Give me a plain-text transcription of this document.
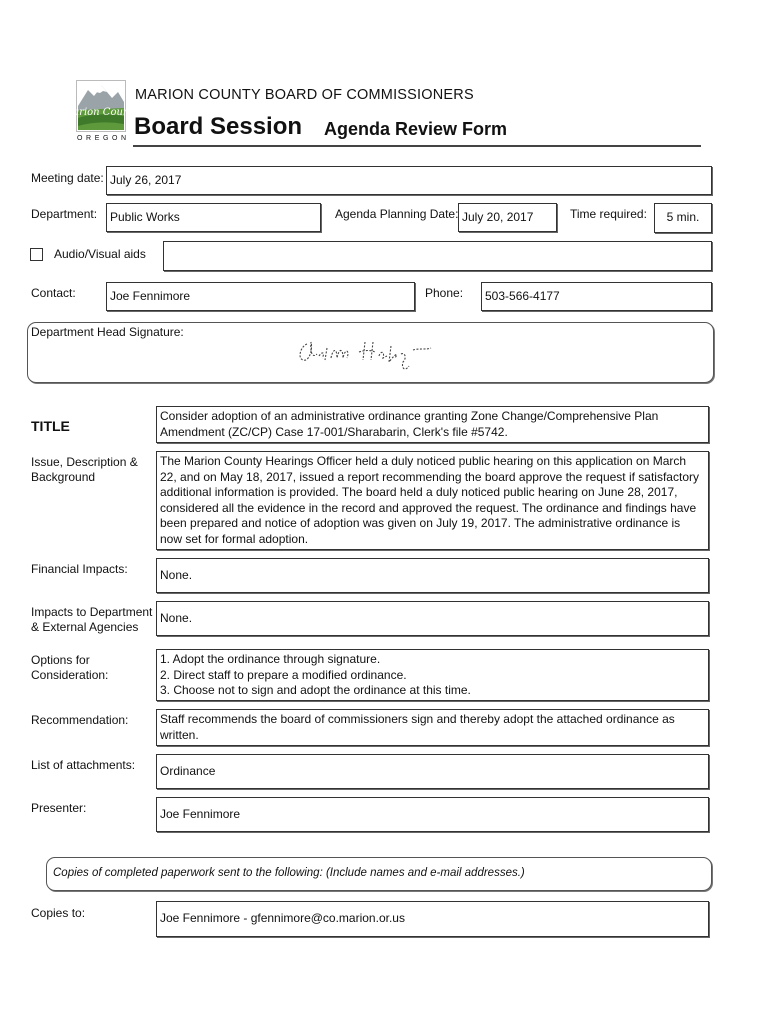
Marion County
OREGON
MARION COUNTY BOARD OF COMMISSIONERS
Board Session Agenda Review Form
Meeting date: July 26, 2017
Department:	Public Works	Agenda Planning Date: July 20, 2017	Time required:	5 min.
Audio/Visual aids
Contact:	Joe Fennimore	Phone:	503-566-4177
Department Head Signature:
TITLE
Consider adoption of an administrative ordinance granting Zone Change/Comprehensive Plan Amendment (ZC/CP) Case 17-001/Sharabarin, Clerk's file #5742.
Issue, Description & Background
The Marion County Hearings Officer held a duly noticed public hearing on this application on March 22, and on May 18, 2017, issued a report recommending the board approve the request if satisfactory additional information is provided. The board held a duly noticed public hearing on June 28, 2017, considered all the evidence in the record and approved the request. The ordinance and findings have been prepared and notice of adoption was given on July 19, 2017. The administrative ordinance is now set for formal adoption.
Financial Impacts:	None.
Impacts to Department & External Agencies
None.
Options for Consideration:
1. Adopt the ordinance through signature.
2. Direct staff to prepare a modified ordinance.
3. Choose not to sign and adopt the ordinance at this time.
Recommendation:	Staff recommends the board of commissioners sign and thereby adopt the attached ordinance as written.
List of attachments:	Ordinance
Presenter:	Joe Fennimore
Copies of completed paperwork sent to the following: (Include names and e-mail addresses.)
Copies to:	Joe Fennimore - gfennimore@co.marion.or.us
